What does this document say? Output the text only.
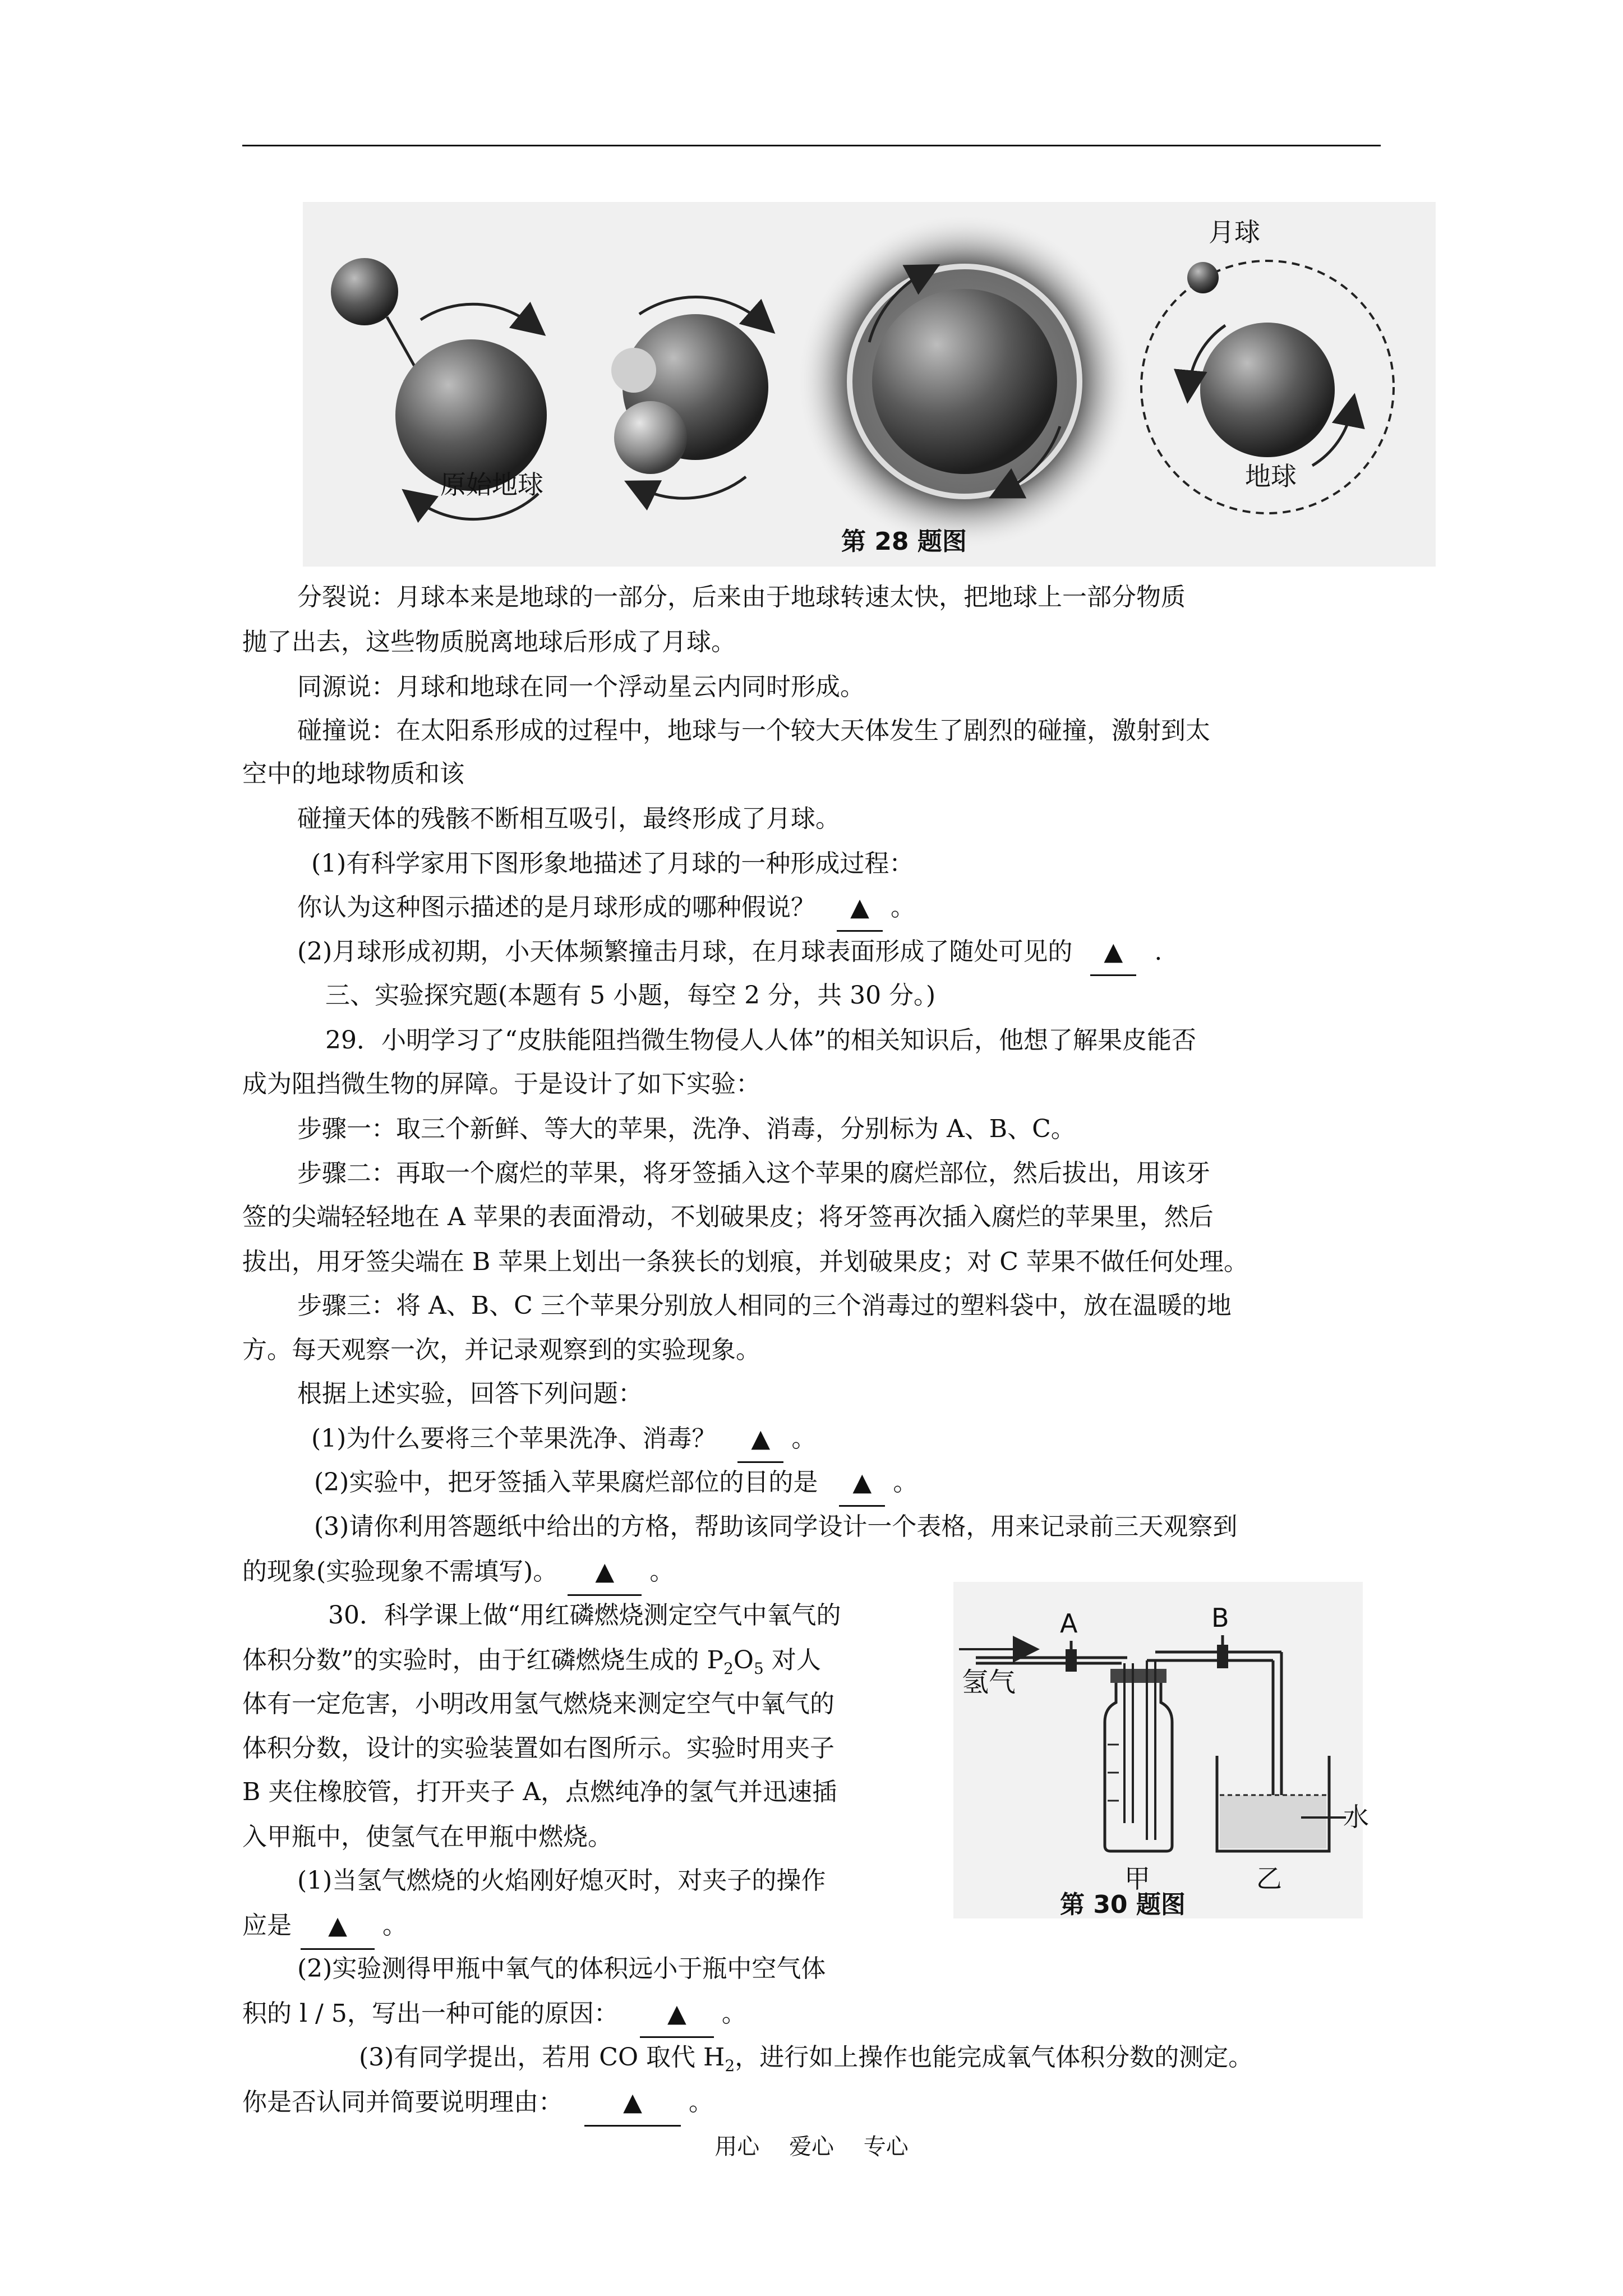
原始地球
月球
地球
第 28 题图
分裂说：月球本来是地球的一部分，后来由于地球转速太快，把地球上一部分物质
抛了出去，这些物质脱离地球后形成了月球。
同源说：月球和地球在同一个浮动星云内同时形成。
碰撞说：在太阳系形成的过程中，地球与一个较大天体发生了剧烈的碰撞，激射到太
空中的地球物质和该
碰撞天体的残骸不断相互吸引，最终形成了月球。
(1)有科学家用下图形象地描述了月球的一种形成过程：
你认为这种图示描述的是月球形成的哪种假说？ ▲ 。
(2)月球形成初期，小天体频繁撞击月球，在月球表面形成了随处可见的 ▲ .
三、实验探究题(本题有 5 小题，每空 2 分，共 30 分。)
29．小明学习了“皮肤能阻挡微生物侵人人体”的相关知识后，他想了解果皮能否
成为阻挡微生物的屏障。于是设计了如下实验：
步骤一：取三个新鲜、等大的苹果，洗净、消毒，分别标为 A、B、C。
步骤二：再取一个腐烂的苹果，将牙签插入这个苹果的腐烂部位，然后拔出，用该牙
签的尖端轻轻地在 A 苹果的表面滑动，不划破果皮；将牙签再次插入腐烂的苹果里，然后
拔出，用牙签尖端在 B 苹果上划出一条狭长的划痕，并划破果皮；对 C 苹果不做任何处理。
步骤三：将 A、B、C 三个苹果分别放人相同的三个消毒过的塑料袋中，放在温暖的地
方。每天观察一次，并记录观察到的实验现象。
根据上述实验，回答下列问题：
(1)为什么要将三个苹果洗净、消毒？ ▲ 。
(2)实验中，把牙签插入苹果腐烂部位的目的是 ▲ 。
(3)请你利用答题纸中给出的方格，帮助该同学设计一个表格，用来记录前三天观察到
的现象(实验现象不需填写)。 ▲ 。
30．科学课上做“用红磷燃烧测定空气中氧气的
体积分数”的实验时，由于红磷燃烧生成的 $P_2O_5$ 对人
体有一定危害，小明改用氢气燃烧来测定空气中氧气的
体积分数，设计的实验装置如右图所示。实验时用夹子
B 夹住橡胶管，打开夹子 A，点燃纯净的氢气并迅速插
入甲瓶中，使氢气在甲瓶中燃烧。
(1)当氢气燃烧的火焰刚好熄灭时，对夹子的操作
应是 ▲ 。
(2)实验测得甲瓶中氧气的体积远小于瓶中空气体
积的 l / 5，写出一种可能的原因： ▲ 。
(3)有同学提出，若用 CO 取代 $H_2$，进行如上操作也能完成氧气体积分数的测定。
你是否认同并简要说明理由： ▲ 。
氢气
A	B
水
甲	乙
第 30 题图
用心 爱心 专心
